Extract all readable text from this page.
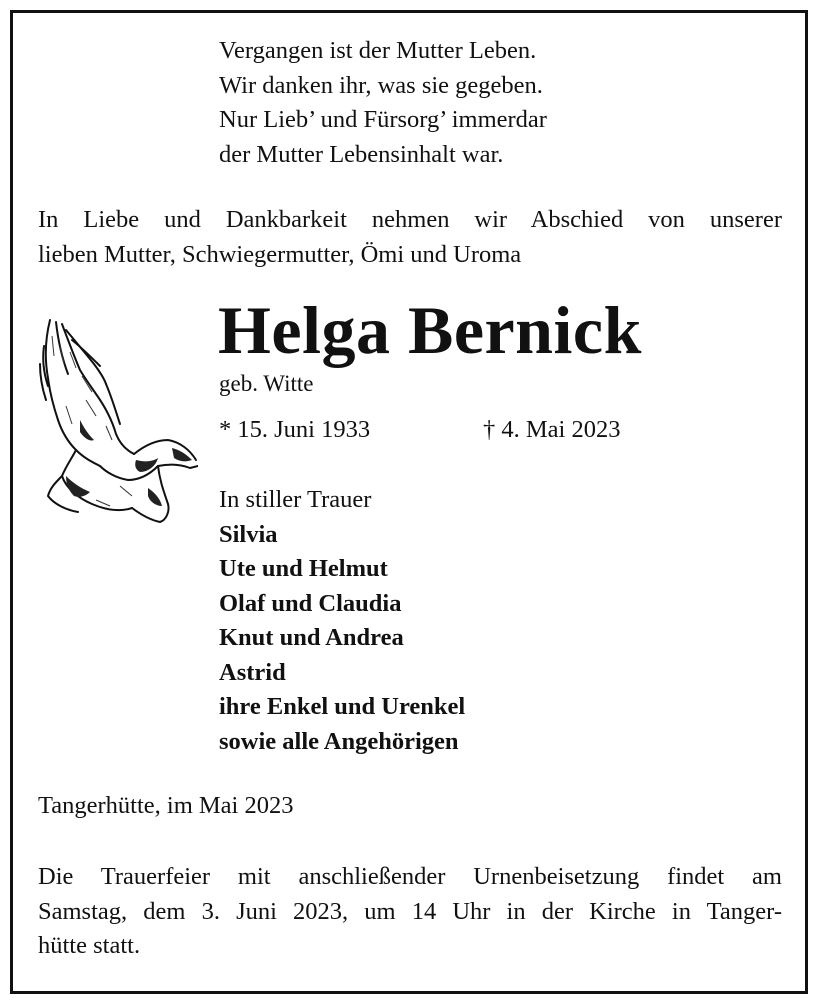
Vergangen ist der Mutter Leben.
Wir danken ihr, was sie gegeben.
Nur Lieb’ und Fürsorg’ immerdar
der Mutter Lebensinhalt war.
In Liebe und Dankbarkeit nehmen wir Abschied von unserer
lieben Mutter, Schwiegermutter, Ömi und Uroma
Helga Bernick
geb. Witte
* 15. Juni 1933	† 4. Mai 2023
In stiller Trauer
Silvia
Ute und Helmut
Olaf und Claudia
Knut und Andrea
Astrid
ihre Enkel und Urenkel
sowie alle Angehörigen
Tangerhütte, im Mai 2023
Die Trauerfeier mit anschließender Urnenbeisetzung findet am
Samstag, dem 3. Juni 2023, um 14 Uhr in der Kirche in Tanger-
hütte statt.
